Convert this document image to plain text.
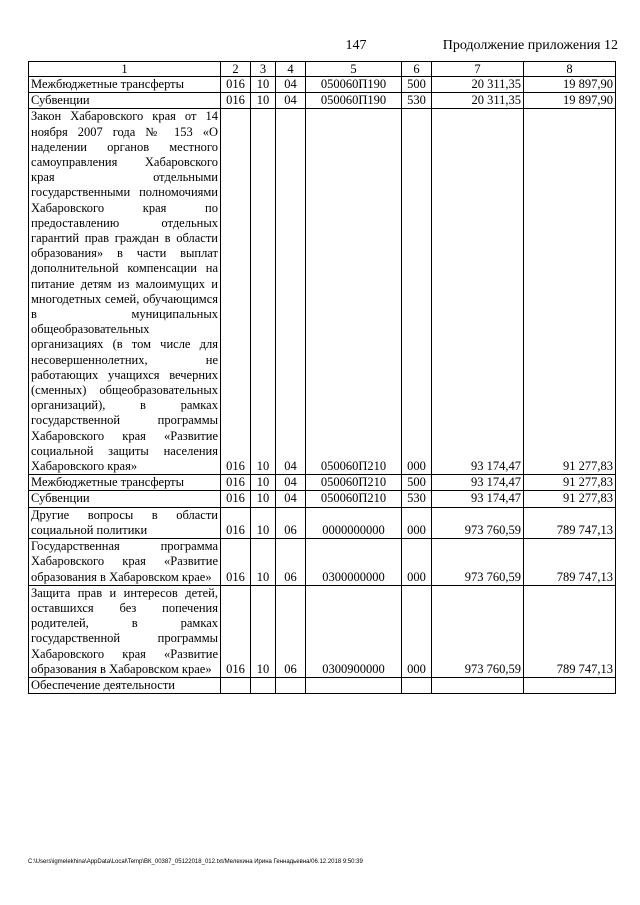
147	Продолжение приложения 12
1	2	3	4	5	6	7	8
Межбюджетные трансферты	016	10	04	050060П190	500	20 311,35	19 897,90
Субвенции	016	10	04	050060П190	530	20 311,35	19 897,90
Закон Хабаровского края от 14 ноября 2007 года № 153 «О наделении органов местного самоуправления Хабаровского края отдельными государственными полномочиями Хабаровского края по предоставлению отдельных гарантий прав граждан в области образования» в части выплат дополнительной компенсации на питание детям из малоимущих и многодетных семей, обучающимся в муниципальных общеобразовательных организациях (в том числе для несовершеннолетних, не работающих учащихся вечерних (сменных) общеобразовательных организаций), в рамках государственной программы Хабаровского края «Развитие социальной защиты населения Хабаровского края»	016	10	04	050060П210	000	93 174,47	91 277,83
Межбюджетные трансферты	016	10	04	050060П210	500	93 174,47	91 277,83
Субвенции	016	10	04	050060П210	530	93 174,47	91 277,83
Другие вопросы в области социальной политики	016	10	06	0000000000	000	973 760,59	789 747,13
Государственная программа Хабаровского края «Развитие образования в Хабаровском крае»	016	10	06	0300000000	000	973 760,59	789 747,13
Защита прав и интересов детей, оставшихся без попечения родителей, в рамках государственной программы Хабаровского края «Развитие образования в Хабаровском крае»	016	10	06	0300900000	000	973 760,59	789 747,13
Обеспечение деятельности							
C:\Users\igmelekhina\AppData\Local\Temp\ВК_00387_05122018_012.txt/Мелехина Ирина Геннадьевна/06.12.2018 9:50:39
